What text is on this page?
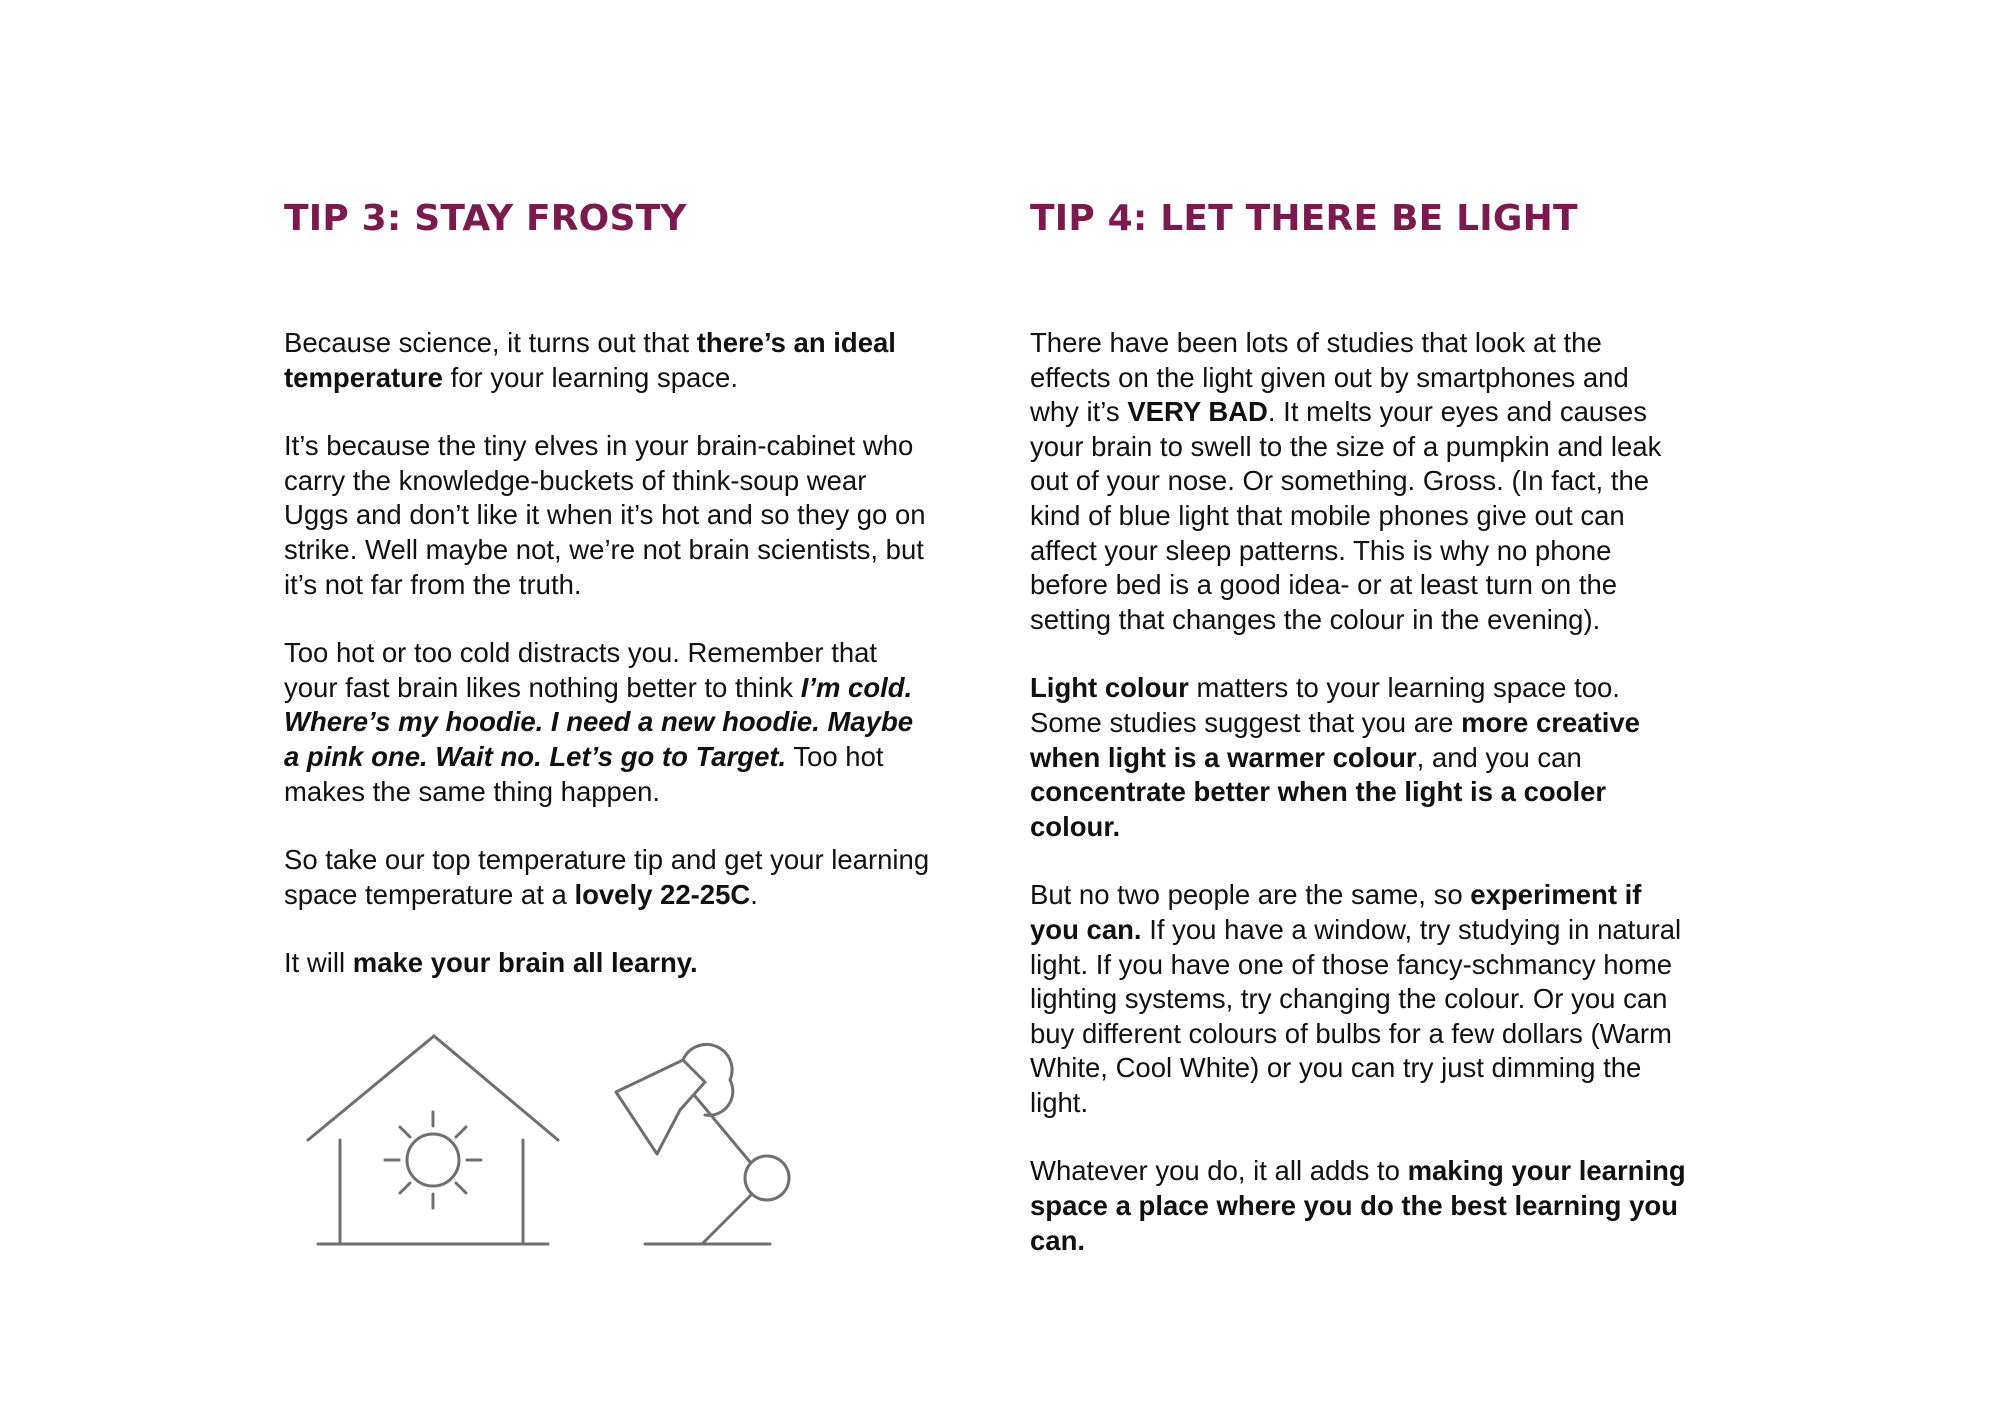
TIP 3: STAY FROSTY

Because science, it turns out that there’s an ideal
temperature for your learning space.

It’s because the tiny elves in your brain-cabinet who
carry the knowledge-buckets of think-soup wear
Uggs and don’t like it when it’s hot and so they go on
strike. Well maybe not, we’re not brain scientists, but
it’s not far from the truth.

Too hot or too cold distracts you. Remember that
your fast brain likes nothing better to think I’m cold.
Where’s my hoodie. I need a new hoodie. Maybe
a pink one. Wait no. Let’s go to Target. Too hot
makes the same thing happen.

So take our top temperature tip and get your learning
space temperature at a lovely 22-25C.

It will make your brain all learny.

TIP 4: LET THERE BE LIGHT

There have been lots of studies that look at the
effects on the light given out by smartphones and
why it’s VERY BAD. It melts your eyes and causes
your brain to swell to the size of a pumpkin and leak
out of your nose. Or something. Gross. (In fact, the
kind of blue light that mobile phones give out can
affect your sleep patterns. This is why no phone
before bed is a good idea- or at least turn on the
setting that changes the colour in the evening).

Light colour matters to your learning space too.
Some studies suggest that you are more creative
when light is a warmer colour, and you can
concentrate better when the light is a cooler
colour.

But no two people are the same, so experiment if
you can. If you have a window, try studying in natural
light. If you have one of those fancy-schmancy home
lighting systems, try changing the colour. Or you can
buy different colours of bulbs for a few dollars (Warm
White, Cool White) or you can try just dimming the
light.

Whatever you do, it all adds to making your learning
space a place where you do the best learning you
can.
